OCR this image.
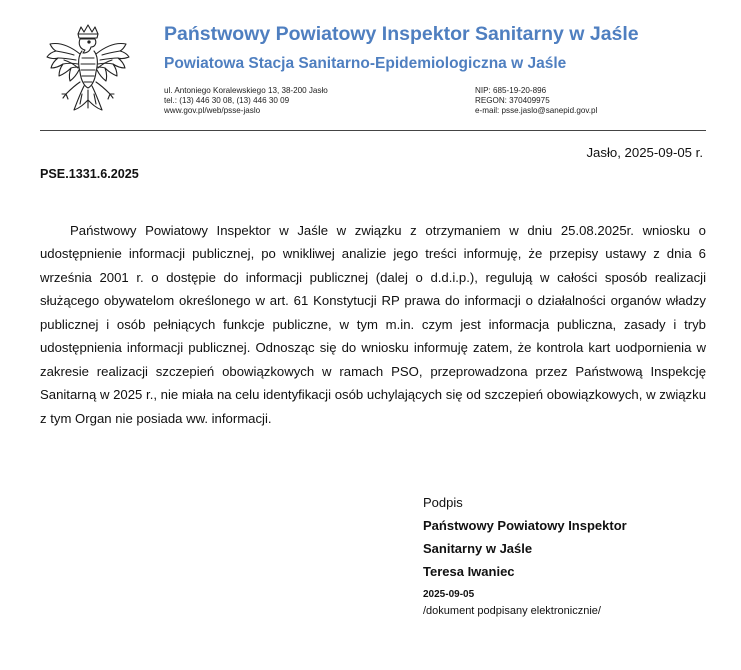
Państwowy Powiatowy Inspektor Sanitarny w Jaśle
Powiatowa Stacja Sanitarno-Epidemiologiczna w Jaśle
ul. Antoniego Koralewskiego 13, 38-200 Jasło
tel.: (13) 446 30 08, (13) 446 30 09
www.gov.pl/web/psse-jaslo
NIP: 685-19-20-896
REGON: 370409975
e-mail: psse.jaslo@sanepid.gov.pl
Jasło, 2025-09-05 r.
PSE.1331.6.2025

Państwowy Powiatowy Inspektor w Jaśle w związku z otrzymaniem w dniu 25.08.2025r. wniosku o udostępnienie informacji publicznej, po wnikliwej analizie jego treści informuję, że przepisy ustawy z dnia 6 września 2001 r. o dostępie do informacji publicznej (dalej o d.d.i.p.), regulują w całości sposób realizacji służącego obywatelom określonego w art. 61 Konstytucji RP prawa do informacji o działalności organów władzy publicznej i osób pełniących funkcje publiczne, w tym m.in. czym jest informacja publiczna, zasady i tryb udostępnienia informacji publicznej. Odnosząc się do wniosku informuję zatem, że kontrola kart uodpornienia w zakresie realizacji szczepień obowiązkowych w ramach PSO, przeprowadzona przez Państwową Inspekcję Sanitarną w 2025 r., nie miała na celu identyfikacji osób uchylających się od szczepień obowiązkowych, w związku z tym Organ nie posiada ww. informacji.

Podpis
Państwowy Powiatowy Inspektor
Sanitarny w Jaśle
Teresa Iwaniec
2025-09-05
/dokument podpisany elektronicznie/
